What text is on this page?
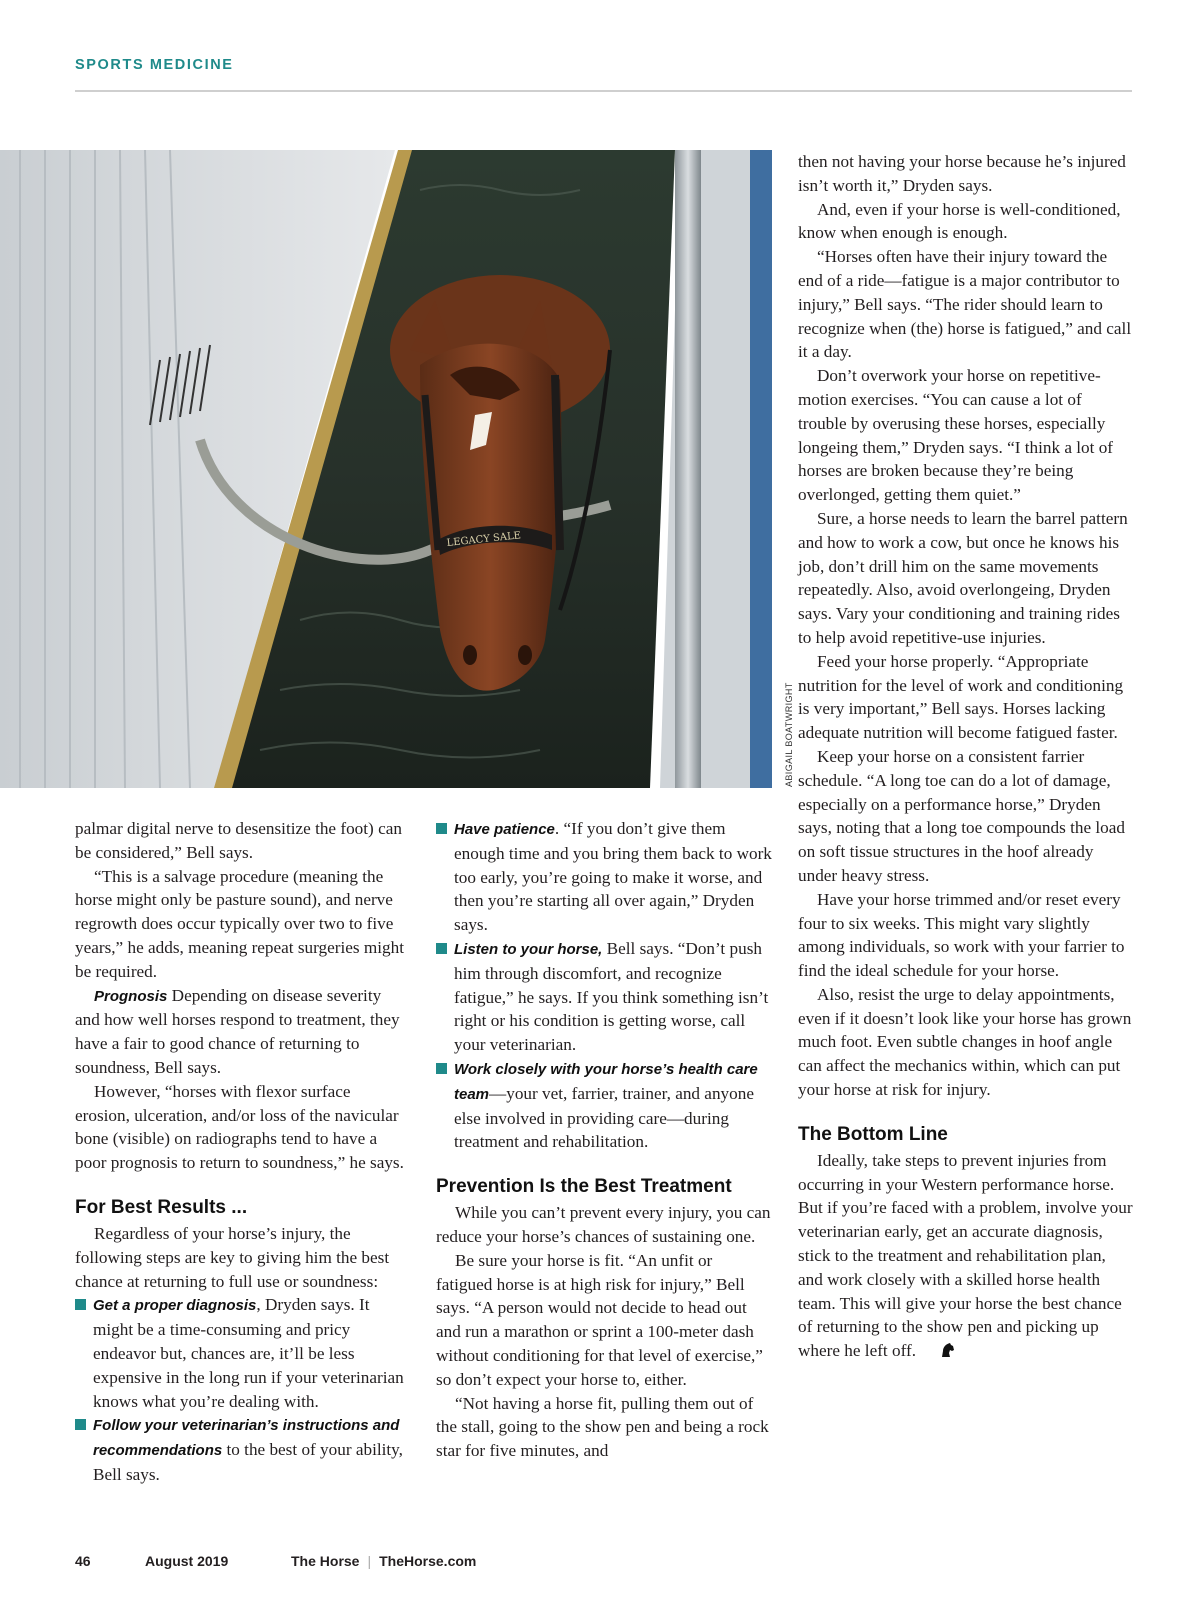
SPORTS MEDICINE
LEGACY SALE
ABIGAIL BOATWRIGHT

palmar digital nerve to desensitize the foot) can be considered,” Bell says.

“This is a salvage procedure (meaning the horse might only be pasture sound), and nerve regrowth does occur typically over two to five years,” he adds, meaning repeat surgeries might be required.

Prognosis Depending on disease severity and how well horses respond to treatment, they have a fair to good chance of returning to soundness, Bell says.

However, “horses with flexor surface erosion, ulceration, and/or loss of the navicular bone (visible) on radiographs tend to have a poor prognosis to return to soundness,” he says.

For Best Results ...

Regardless of your horse’s injury, the following steps are key to giving him the best chance at returning to full use or soundness:

Get a proper diagnosis, Dryden says. It might be a time-consuming and pricy endeavor but, chances are, it’ll be less expensive in the long run if your veterinarian knows what you’re dealing with.
Follow your veterinarian’s instructions and recommendations to the best of your ability, Bell says.
Have patience. “If you don’t give them enough time and you bring them back to work too early, you’re going to make it worse, and then you’re starting all over again,” Dryden says.
Listen to your horse, Bell says. “Don’t push him through discomfort, and recognize fatigue,” he says. If you think something isn’t right or his condition is getting worse, call your veterinarian.
Work closely with your horse’s health care team—your vet, farrier, trainer, and anyone else involved in providing care—during treatment and rehabilitation.
Prevention Is the Best Treatment

While you can’t prevent every injury, you can reduce your horse’s chances of sustaining one.

Be sure your horse is fit. “An unfit or fatigued horse is at high risk for injury,” Bell says. “A person would not decide to head out and run a marathon or sprint a 100-meter dash without conditioning for that level of exercise,” so don’t expect your horse to, either.

“Not having a horse fit, pulling them out of the stall, going to the show pen and being a rock star for five minutes, and

then not having your horse because he’s injured isn’t worth it,” Dryden says.

And, even if your horse is well-conditioned, know when enough is enough.

“Horses often have their injury toward the end of a ride—fatigue is a major contributor to injury,” Bell says. “The rider should learn to recognize when (the) horse is fatigued,” and call it a day.

Don’t overwork your horse on repetitive-motion exercises. “You can cause a lot of trouble by overusing these horses, especially longeing them,” Dryden says. “I think a lot of horses are broken because they’re being overlonged, getting them quiet.”

Sure, a horse needs to learn the barrel pattern and how to work a cow, but once he knows his job, don’t drill him on the same movements repeatedly. Also, avoid overlongeing, Dryden says. Vary your conditioning and training rides to help avoid repetitive-use injuries.

Feed your horse properly. “Appropriate nutrition for the level of work and conditioning is very important,” Bell says. Horses lacking adequate nutrition will become fatigued faster.

Keep your horse on a consistent farrier schedule. “A long toe can do a lot of damage, especially on a performance horse,” Dryden says, noting that a long toe compounds the load on soft tissue structures in the hoof already under heavy stress.

Have your horse trimmed and/or reset every four to six weeks. This might vary slightly among individuals, so work with your farrier to find the ideal schedule for your horse.

Also, resist the urge to delay appointments, even if it doesn’t look like your horse has grown much foot. Even subtle changes in hoof angle can affect the mechanics within, which can put your horse at risk for injury.

The Bottom Line

Ideally, take steps to prevent injuries from occurring in your Western performance horse. But if you’re faced with a problem, involve your veterinarian early, get an accurate diagnosis, stick to the treatment and rehabilitation plan, and work closely with a skilled horse health team. This will give your horse the best chance of returning to the show pen and picking up where he left off.

46	August 2019	The Horse | TheHorse.com
